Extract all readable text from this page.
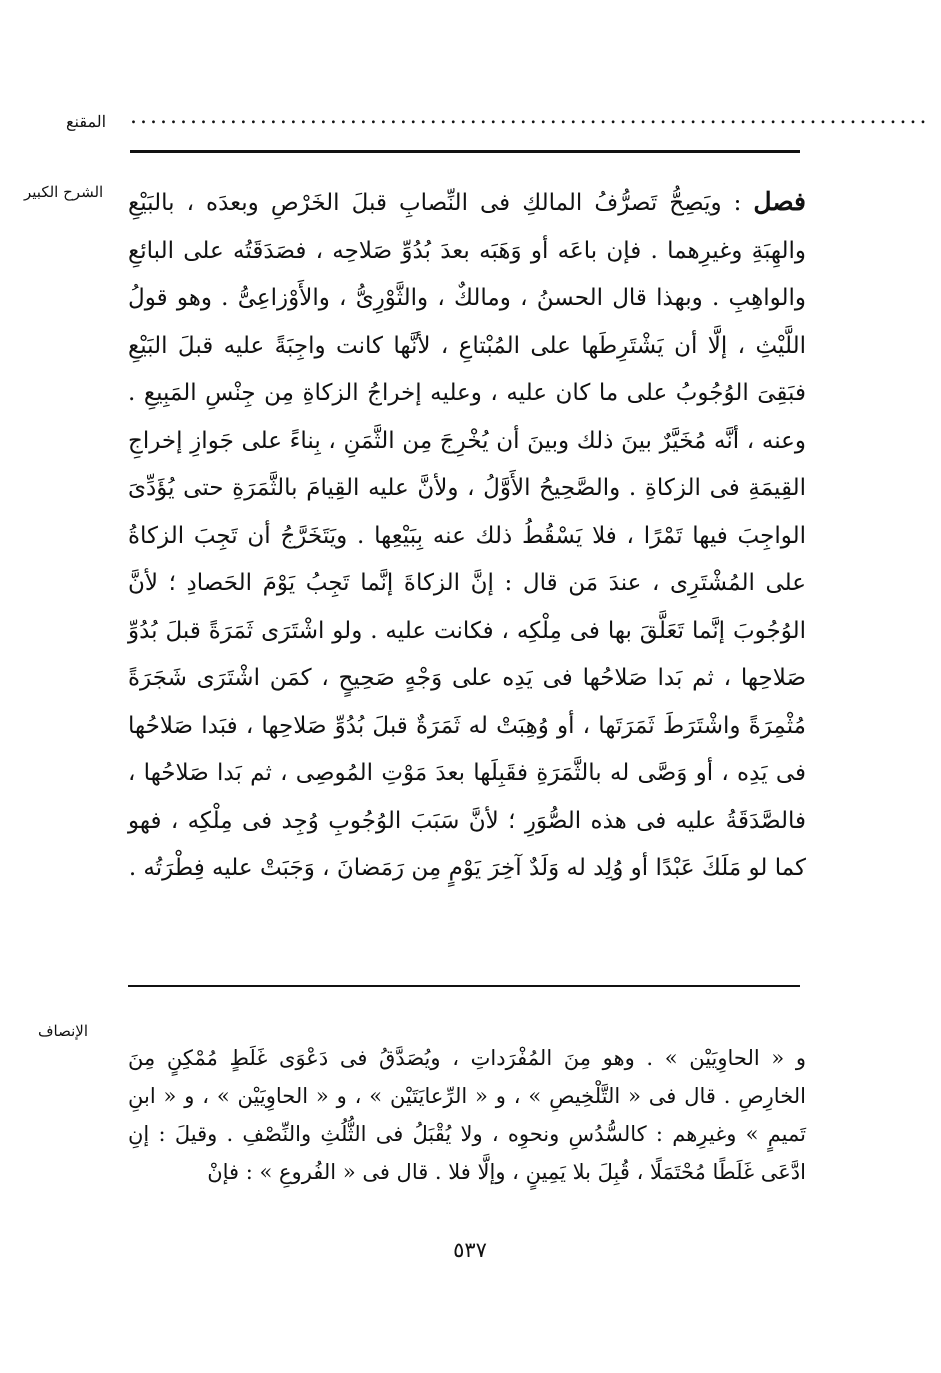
المقنع ................................................................................
الشرح الكبير	فصل : ويَصِحُّ تَصرُّفُ المالكِ فى النِّصابِ قبلَ الخَرْصِ وبعدَه ، بالبَيْعِ والهِبَةِ وغيرِهما . فإن باعَه أو وَهَبَه بعدَ بُدُوِّ صَلاحِه ، فصَدَقَتُه على البائعِ والواهِبِ . وبهذا قال الحسنُ ، ومالكٌ ، والثَّوْرِىُّ ، والأَوْزاعِىُّ . وهو قولُ اللَّيْثِ ، إلَّا أن يَشْتَرِطَها على المُبْتاعِ ، لأنَّها كانت واجِبَةً عليه قبلَ البَيْعِ فبَقِىَ الوُجُوبُ على ما كان عليه ، وعليه إخراجُ الزكاةِ مِن جِنْسِ المَبِيعِ . وعنه ، أنَّه مُخَيَّرٌ بينَ ذلك وبينَ أن يُخْرِجَ مِن الثَّمَنِ ، بِناءً على جَوازِ إخراجِ القِيمَةِ فى الزكاةِ . والصَّحِيحُ الأَوَّلُ ، ولأنَّ عليه القِيامَ بالثَّمَرَةِ حتى يُؤَدِّىَ الواجِبَ فيها تَمْرًا ، فلا يَسْقُطُ ذلك عنه بِبَيْعِها . ويَتَخَرَّجُ أن تَجِبَ الزكاةُ على المُشْتَرِى ، عندَ مَن قال : إنَّ الزكاةَ إنَّما تَجِبُ يَوْمَ الحَصادِ ؛ لأنَّ الوُجُوبَ إنَّما تَعَلَّقَ بها فى مِلْكِه ، فكانت عليه . ولو اشْتَرَى ثَمَرَةً قبلَ بُدُوِّ صَلاحِها ، ثم بَدا صَلاحُها فى يَدِه على وَجْهٍ صَحِيحٍ ، كمَن اشْتَرَى شَجَرَةً مُثْمِرَةً واشْتَرَطَ ثَمَرَتَها ، أو وُهِبَتْ له ثَمَرَةٌ قبلَ بُدُوِّ صَلاحِها ، فبَدا صَلاحُها فى يَدِه ، أو وَصَّى له بالثَّمَرَةِ فقَبِلَها بعدَ مَوْتِ المُوصِى ، ثم بَدا صَلاحُها ، فالصَّدَقَةُ عليه فى هذه الصُّوَرِ ؛ لأنَّ سَبَبَ الوُجُوبِ وُجِد فى مِلْكِه ، فهو كما لو مَلَكَ عَبْدًا أو وُلِد له وَلَدٌ آخِرَ يَوْمٍ مِن رَمَضانَ ، وَجَبَتْ عليه فِطْرَتُه .

الإنصاف

و « الحاوِيَيْن » . وهو مِنَ المُفْرَداتِ ، ويُصَدَّقُ فى دَعْوَى غَلَطٍ مُمْكِنٍ مِنَ الخارِصِ . قال فى « التَّلْخِيصِ » ، و « الرِّعايَتَيْن » ، و « الحاوِيَيْن » ، و « ابنِ تَميمٍ » وغيرِهم : كالسُّدُسِ ونحوِه ، ولا يُقْبَلُ فى الثُّلُثِ والنِّصْفِ . وقيلَ : إنِ ادَّعَى غَلَطًا مُحْتَمَلًا ، قُبِلَ بلا يَمِينٍ ، وإلَّا فلا . قال فى « الفُروعِ » : فإنْ

٥٣٧
